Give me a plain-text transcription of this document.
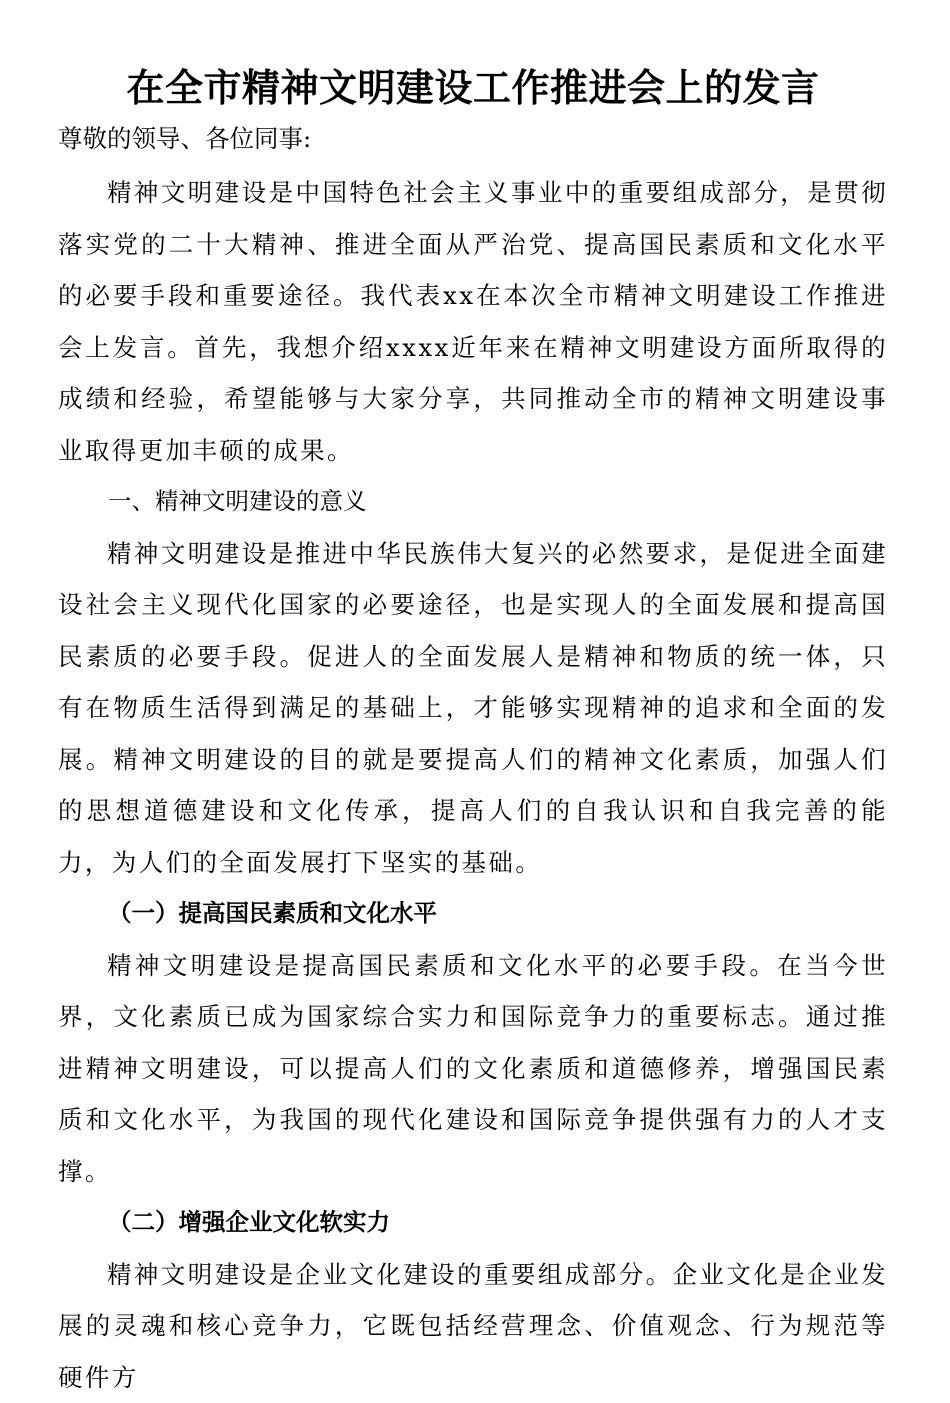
在全市精神文明建设工作推进会上的发言

尊敬的领导、各位同事:

精神文明建设是中国特色社会主义事业中的重要组成部分，是贯彻落实党的二十大精神、推进全面从严治党、提高国民素质和文化水平的必要手段和重要途径。我代表xx在本次全市精神文明建设工作推进会上发言。首先，我想介绍xxxx近年来在精神文明建设方面所取得的成绩和经验，希望能够与大家分享，共同推动全市的精神文明建设事业取得更加丰硕的成果。

一、精神文明建设的意义

精神文明建设是推进中华民族伟大复兴的必然要求，是促进全面建设社会主义现代化国家的必要途径，也是实现人的全面发展和提高国民素质的必要手段。促进人的全面发展人是精神和物质的统一体，只有在物质生活得到满足的基础上，才能够实现精神的追求和全面的发展。精神文明建设的目的就是要提高人们的精神文化素质，加强人们的思想道德建设和文化传承，提高人们的自我认识和自我完善的能力，为人们的全面发展打下坚实的基础。

（一）提高国民素质和文化水平

精神文明建设是提高国民素质和文化水平的必要手段。在当今世界，文化素质已成为国家综合实力和国际竞争力的重要标志。通过推进精神文明建设，可以提高人们的文化素质和道德修养，增强国民素质和文化水平，为我国的现代化建设和国际竞争提供强有力的人才支撑。

（二）增强企业文化软实力

精神文明建设是企业文化建设的重要组成部分。企业文化是企业发展的灵魂和核心竞争力，它既包括经营理念、价值观念、行为规范等硬件方
